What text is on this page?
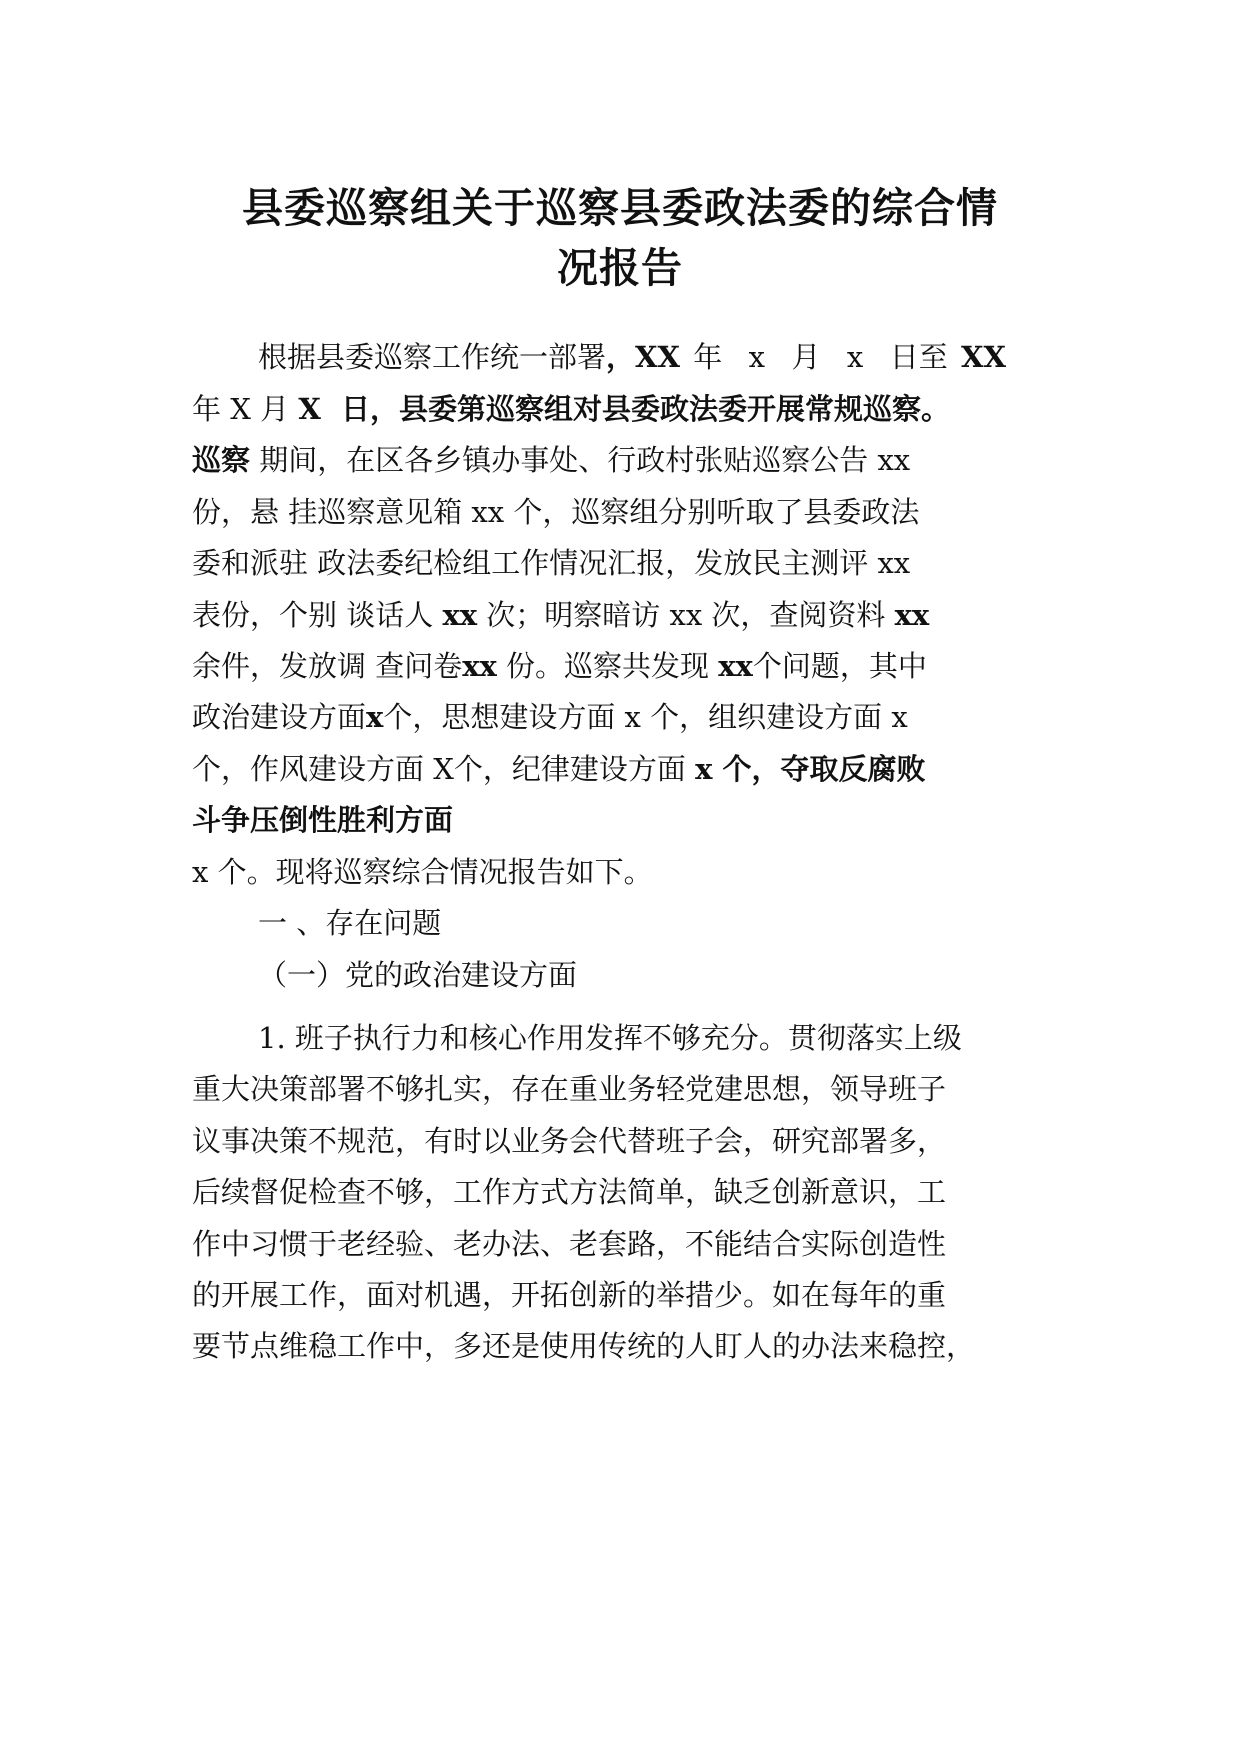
县委巡察组关于巡察县委政法委的综合情
况报告
根据县委巡察工作统一部署，XX 年  x  月  x  日至 XX
年 X 月 X  日，县委第巡察组对县委政法委开展常规巡察。
巡察 期间，在区各乡镇办事处、行政村张贴巡察公告 xx
份，悬 挂巡察意见箱 xx 个，巡察组分别听取了县委政法
委和派驻 政法委纪检组工作情况汇报，发放民主测评 xx
表份，个别 谈话人 xx 次；明察暗访 xx 次，查阅资料 xx
余件，发放调 查问卷xx 份。巡察共发现 xx个问题，其中
政治建设方面x个，思想建设方面 x 个，组织建设方面 x
个，作风建设方面 X个，纪律建设方面 x 个，夺取反腐败
斗争压倒性胜利方面
x 个。现将巡察综合情况报告如下。
一 、存在问题
（一）党的政治建设方面
1. 班子执行力和核心作用发挥不够充分。贯彻落实上级
重大决策部署不够扎实，存在重业务轻党建思想，领导班子
议事决策不规范，有时以业务会代替班子会，研究部署多，
后续督促检查不够，工作方式方法简单，缺乏创新意识，工
作中习惯于老经验、老办法、老套路，不能结合实际创造性
的开展工作，面对机遇，开拓创新的举措少。如在每年的重
要节点维稳工作中，多还是使用传统的人盯人的办法来稳控，
